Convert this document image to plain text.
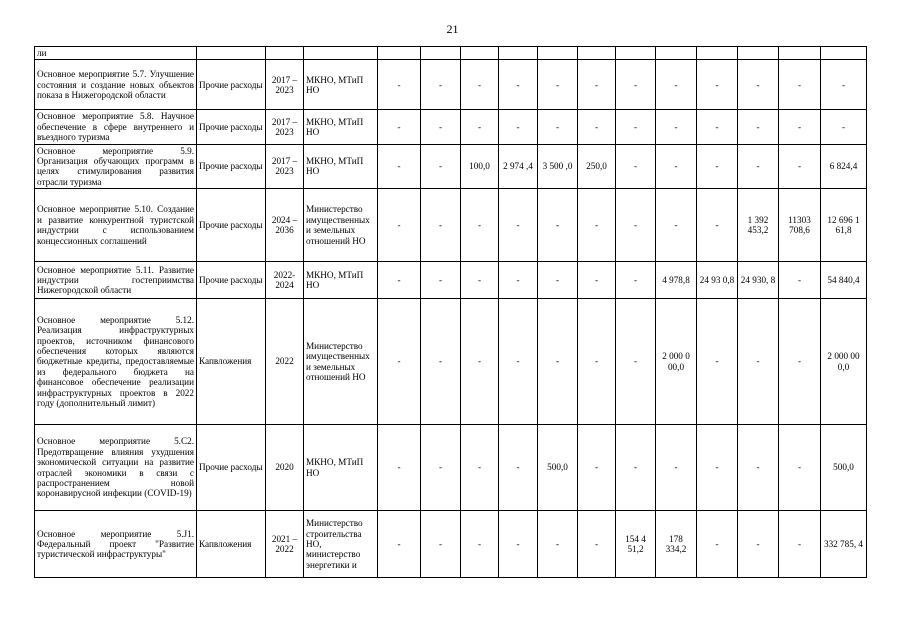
21
ли															
Основное мероприятие 5.7. Улучшение состояния и создание новых объектов показа в Нижегородской области	Прочие расходы	2017 – 2023	МКНО, МТиП НО	-	-	-	-	-	-	-	-	-	-	-	-
Основное мероприятие 5.8. Научное обеспечение в сфере внутреннего и въездного туризма	Прочие расходы	2017 – 2023	МКНО, МТиП НО	-	-	-	-	-	-	-	-	-	-	-	-
Основное мероприятие 5.9. Организация обучающих программ в целях стимулирования развития отрасли туризма	Прочие расходы	2017 – 2023	МКНО, МТиП НО	-	-	100,0	2 974 ,4	3 500 ,0	250,0	-	-	-	-	-	6 824,4
Основное мероприятие 5.10. Создание и развитие конкурентной туристской индустрии с использованием концессионных соглашений	Прочие расходы	2024 – 2036	Министерство имущественных и земельных отношений НО	-	-	-	-	-	-	-	-	-	1 392 453,2	11303 708,6	12 696 1 61,8
Основное мероприятие 5.11. Развитие индустрии гостеприимства Нижегородской области	Прочие расходы	2022-2024	МКНО, МТиП НО	-	-	-	-	-	-	-	4 978,8	24 93 0,8	24 930, 8	-	54 840,4
Основное мероприятие 5.12. Реализация инфраструктурных проектов, источником финансового обеспечения которых являются бюджетные кредиты, предоставляемые из федерального бюджета на финансовое обеспечение реализации инфраструктурных проектов в 2022 году (дополнительный лимит)	Капвложения	2022	Министерство имущественных и земельных отношений НО	-	-	-	-	-	-	-	2 000 0 00,0	-	-	-	2 000 00 0,0
Основное мероприятие 5.С2. Предотвращение влияния ухудшения экономической ситуации на развитие отраслей экономики в связи с распространением новой коронавирусной инфекции (COVID-19)	Прочие расходы	2020	МКНО, МТиП НО	-	-	-	-	500,0	-	-	-	-	-	-	500,0
Основное мероприятие 5.J1. Федеральный проект "Развитие туристической инфраструктуры"	Капвложения	2021 – 2022	Министерство строительства НО, министерство энергетики и	-	-	-	-	-	-	154 4 51,2	178 334,2	-	-	-	332 785, 4
